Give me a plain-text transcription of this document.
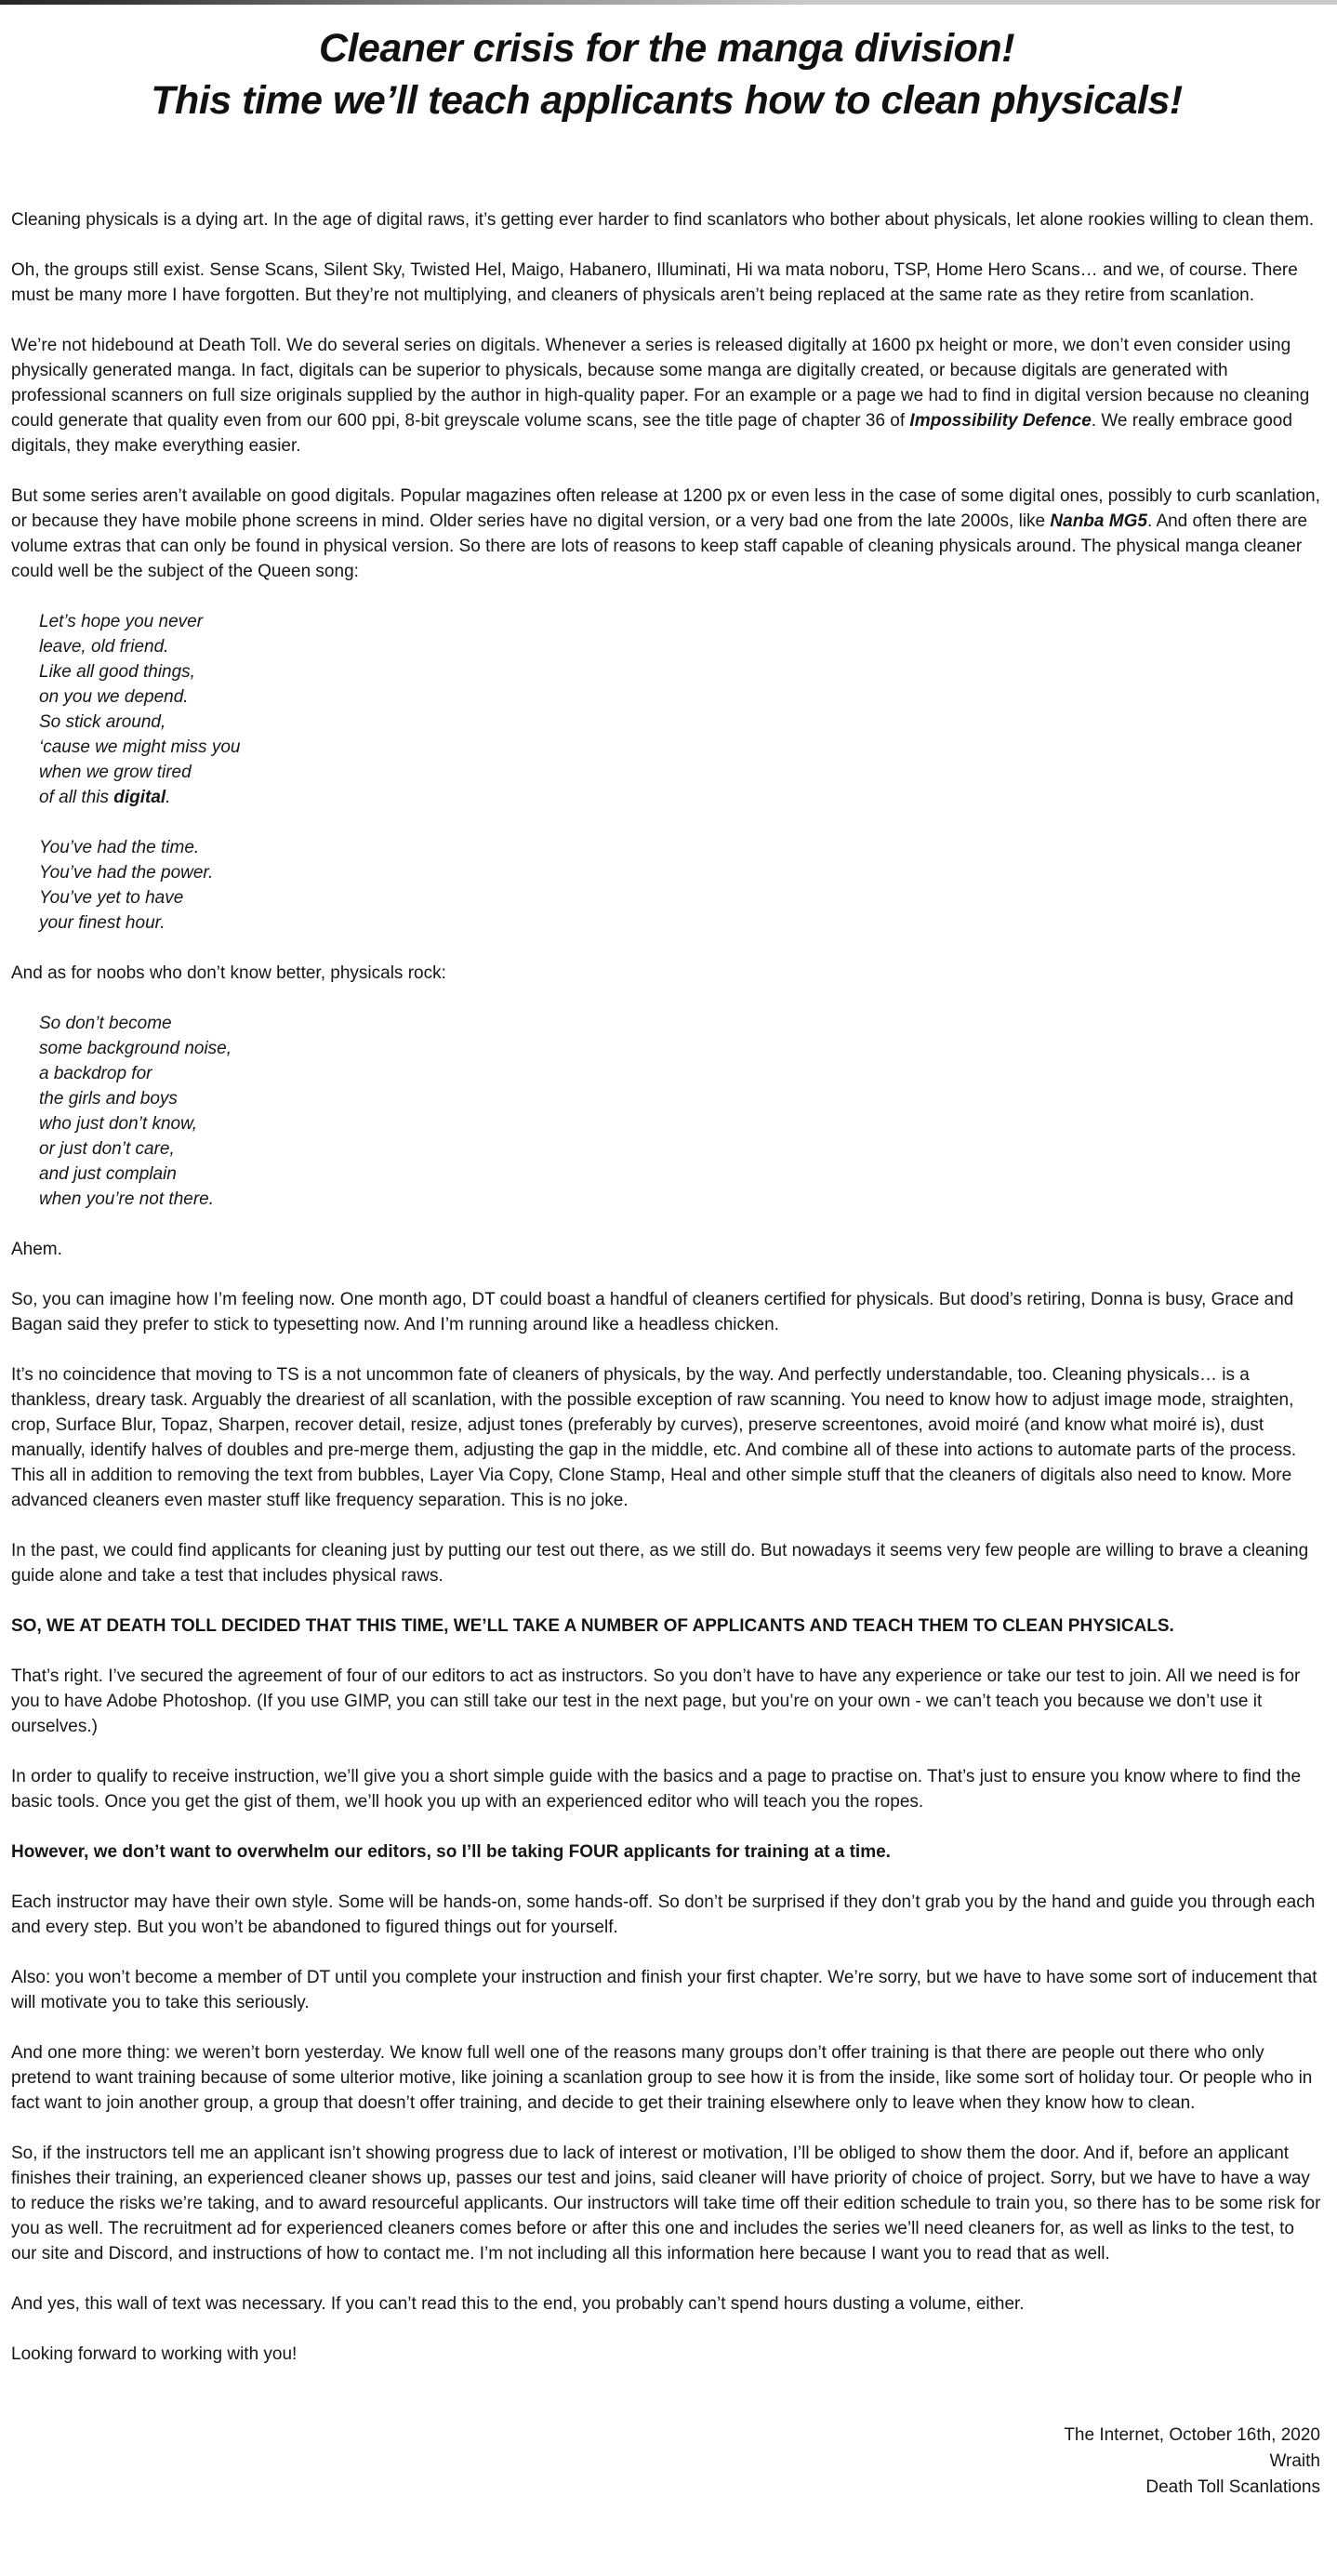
Cleaner crisis for the manga division!
This time we’ll teach applicants how to clean physicals!

Cleaning physicals is a dying art. In the age of digital raws, it’s getting ever harder to find scanlators who bother about physicals, let alone rookies willing to clean them.

Oh, the groups still exist. Sense Scans, Silent Sky, Twisted Hel, Maigo, Habanero, Illuminati, Hi wa mata noboru, TSP, Home Hero Scans… and we, of course. There must be many more I have forgotten. But they’re not multiplying, and cleaners of physicals aren’t being replaced at the same rate as they retire from scanlation.

We’re not hidebound at Death Toll. We do several series on digitals. Whenever a series is released digitally at 1600 px height or more, we don’t even consider using physically generated manga. In fact, digitals can be superior to physicals, because some manga are digitally created, or because digitals are generated with professional scanners on full size originals supplied by the author in high-quality paper. For an example or a page we had to find in digital version because no cleaning could generate that quality even from our 600 ppi, 8-bit greyscale volume scans, see the title page of chapter 36 of Impossibility Defence. We really embrace good digitals, they make everything easier.

But some series aren’t available on good digitals. Popular magazines often release at 1200 px or even less in the case of some digital ones, possibly to curb scanlation, or because they have mobile phone screens in mind. Older series have no digital version, or a very bad one from the late 2000s, like Nanba MG5. And often there are volume extras that can only be found in physical version. So there are lots of reasons to keep staff capable of cleaning physicals around. The physical manga cleaner could well be the subject of the Queen song:

Let’s hope you never
leave, old friend.
Like all good things,
on you we depend.
So stick around,
‘cause we might miss you
when we grow tired
of all this digital.
You’ve had the time.
You’ve had the power.
You’ve yet to have
your finest hour.

And as for noobs who don’t know better, physicals rock:

So don’t become
some background noise,
a backdrop for
the girls and boys
who just don’t know,
or just don’t care,
and just complain
when you’re not there.

Ahem.

So, you can imagine how I’m feeling now. One month ago, DT could boast a handful of cleaners certified for physicals. But dood’s retiring, Donna is busy, Grace and Bagan said they prefer to stick to typesetting now. And I’m running around like a headless chicken.

It’s no coincidence that moving to TS is a not uncommon fate of cleaners of physicals, by the way. And perfectly understandable, too. Cleaning physicals… is a thankless, dreary task. Arguably the dreariest of all scanlation, with the possible exception of raw scanning. You need to know how to adjust image mode, straighten, crop, Surface Blur, Topaz, Sharpen, recover detail, resize, adjust tones (preferably by curves), preserve screentones, avoid moiré (and know what moiré is), dust manually, identify halves of doubles and pre-merge them, adjusting the gap in the middle, etc. And combine all of these into actions to automate parts of the process. This all in addition to removing the text from bubbles, Layer Via Copy, Clone Stamp, Heal and other simple stuff that the cleaners of digitals also need to know. More advanced cleaners even master stuff like frequency separation. This is no joke.

In the past, we could find applicants for cleaning just by putting our test out there, as we still do. But nowadays it seems very few people are willing to brave a cleaning guide alone and take a test that includes physical raws.

SO, WE AT DEATH TOLL DECIDED THAT THIS TIME, WE’LL TAKE A NUMBER OF APPLICANTS AND TEACH THEM TO CLEAN PHYSICALS.

That’s right. I’ve secured the agreement of four of our editors to act as instructors. So you don’t have to have any experience or take our test to join. All we need is for you to have Adobe Photoshop. (If you use GIMP, you can still take our test in the next page, but you’re on your own - we can’t teach you because we don’t use it ourselves.)

In order to qualify to receive instruction, we’ll give you a short simple guide with the basics and a page to practise on. That’s just to ensure you know where to find the basic tools. Once you get the gist of them, we’ll hook you up with an experienced editor who will teach you the ropes.

However, we don’t want to overwhelm our editors, so I’ll be taking FOUR applicants for training at a time.

Each instructor may have their own style. Some will be hands-on, some hands-off. So don’t be surprised if they don’t grab you by the hand and guide you through each and every step. But you won’t be abandoned to figured things out for yourself.

Also: you won’t become a member of DT until you complete your instruction and finish your first chapter. We’re sorry, but we have to have some sort of inducement that will motivate you to take this seriously.

And one more thing: we weren’t born yesterday. We know full well one of the reasons many groups don’t offer training is that there are people out there who only pretend to want training because of some ulterior motive, like joining a scanlation group to see how it is from the inside, like some sort of holiday tour. Or people who in fact want to join another group, a group that doesn’t offer training, and decide to get their training elsewhere only to leave when they know how to clean.

So, if the instructors tell me an applicant isn’t showing progress due to lack of interest or motivation, I’ll be obliged to show them the door. And if, before an applicant finishes their training, an experienced cleaner shows up, passes our test and joins, said cleaner will have priority of choice of project. Sorry, but we have to have a way to reduce the risks we’re taking, and to award resourceful applicants. Our instructors will take time off their edition schedule to train you, so there has to be some risk for you as well. The recruitment ad for experienced cleaners comes before or after this one and includes the series we’ll need cleaners for, as well as links to the test, to our site and Discord, and instructions of how to contact me. I’m not including all this information here because I want you to read that as well.

And yes, this wall of text was necessary. If you can’t read this to the end, you probably can’t spend hours dusting a volume, either.

Looking forward to working with you!

The Internet, October 16th, 2020
Wraith
Death Toll Scanlations
